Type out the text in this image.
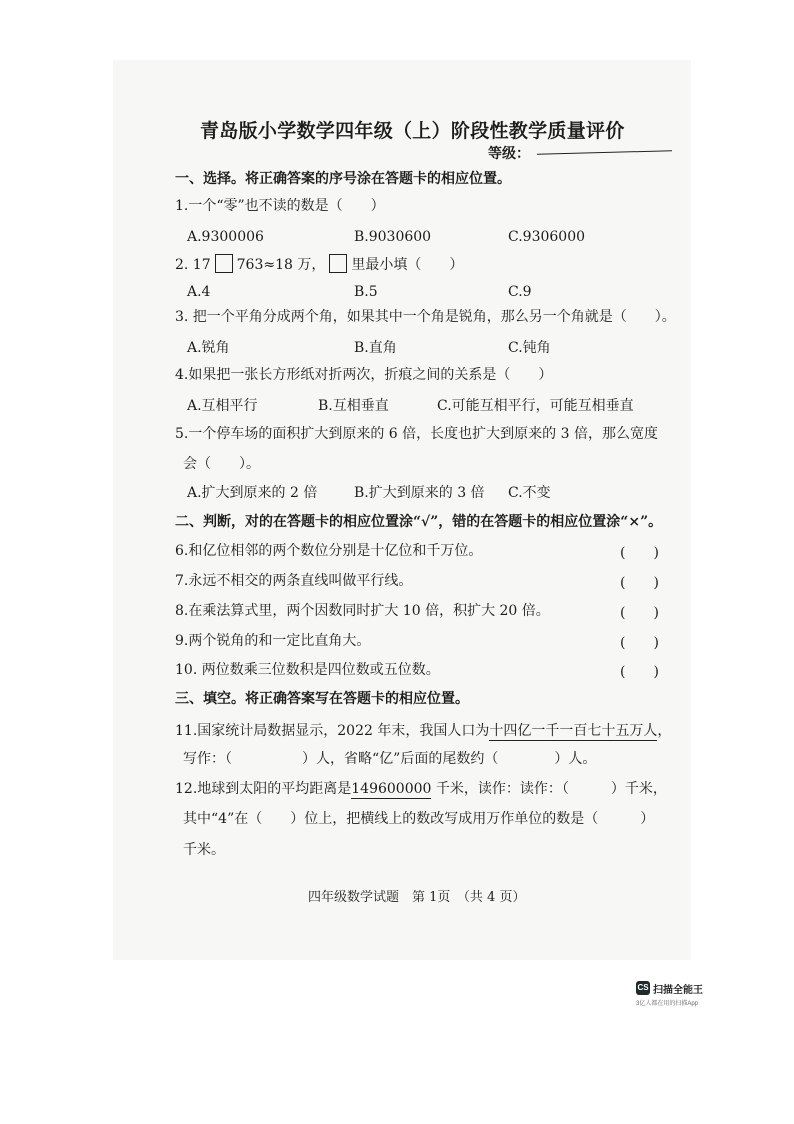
青岛版小学数学四年级（上）阶段性教学质量评价
等级：
一、选择。将正确答案的序号涂在答题卡的相应位置。
1.一个“零”也不读的数是（　　）
A.9300006	B.9030600	C.9306000
2. 17 763≈18 万， 里最小填（　　）
A.4	B.5	C.9
3. 把一个平角分成两个角，如果其中一个角是锐角，那么另一个角就是（　　）。
A.锐角	B.直角	C.钝角
4.如果把一张长方形纸对折两次，折痕之间的关系是（　　）
A.互相平行	B.互相垂直	C.可能互相平行，可能互相垂直
5.一个停车场的面积扩大到原来的 6 倍，长度也扩大到原来的 3 倍，那么宽度
会（　　）。
A.扩大到原来的 2 倍	B.扩大到原来的 3 倍 C.不变
二、判断，对的在答题卡的相应位置涂“√”，错的在答题卡的相应位置涂“×”。
6.和亿位相邻的两个数位分别是十亿位和千万位。	(　　)
7.永远不相交的两条直线叫做平行线。	(　　)
8.在乘法算式里，两个因数同时扩大 10 倍，积扩大 20 倍。	(　　)
9.两个锐角的和一定比直角大。	(　　)
10. 两位数乘三位数积是四位数或五位数。	(　　)
三、填空。将正确答案写在答题卡的相应位置。
11.国家统计局数据显示，2022 年末，我国人口为十四亿一千一百七十五万人，
写作：（　　　　　）人，省略“亿”后面的尾数约（　　　　）人。
12.地球到太阳的平均距离是149600000 千米，读作：读作：（　　　）千米，
其中“4”在（　　）位上，把横线上的数改写成用万作单位的数是（　　　）
千米。
四年级数学试题　第 1页　（共 4 页）
CS 扫描全能王
3亿人都在用的扫描App
